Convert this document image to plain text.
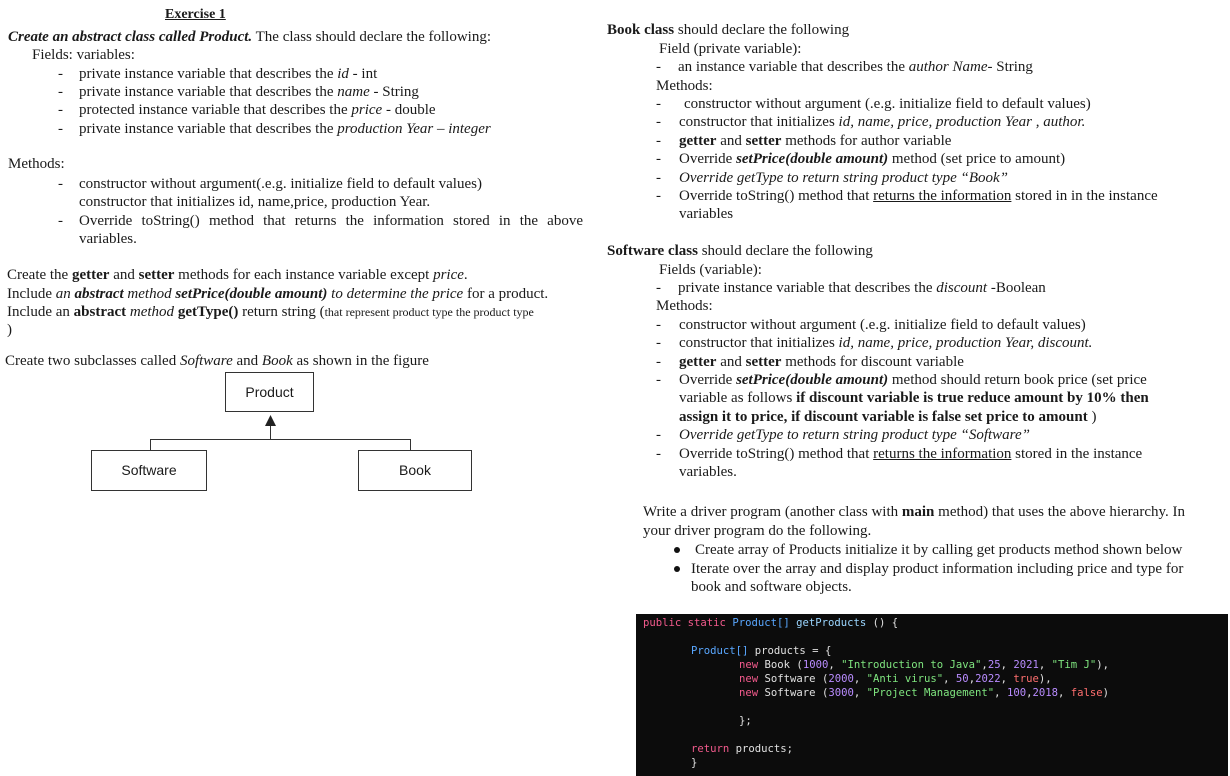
Exercise 1
Create an abstract class called Product. The class should declare the following:
Fields: variables:
- private instance variable that describes the id - int
- private instance variable that describes the name - String
- protected instance variable that describes the price - double
- private instance variable that describes the production Year – integer
Methods:
- constructor without argument(.e.g. initialize field to default values)
constructor that initializes id, name,price, production Year.
- Override toString() method that returns the information stored in the above
variables.
Create the getter and setter methods for each instance variable except price.
Include an abstract method setPrice(double amount) to determine the price for a product.
Include an abstract method getType() return string (that represent product type the product type
)
Create two subclasses called Software and Book as shown in the figure
Product
Software	Book
Book class should declare the following
Field (private variable):
- an instance variable that describes the author Name- String
Methods:
- constructor without argument (.e.g. initialize field to default values)
- constructor that initializes id, name, price, production Year , author.
- getter and setter methods for author variable
- Override setPrice(double amount) method (set price to amount)
- Override getType to return string product type “Book”
- Override toString() method that returns the information stored in in the instance
variables
Software class should declare the following
Fields (variable):
- private instance variable that describes the discount -Boolean
Methods:
- constructor without argument (.e.g. initialize field to default values)
- constructor that initializes id, name, price, production Year, discount.
- getter and setter methods for discount variable
- Override setPrice(double amount) method should return book price (set price
variable as follows if discount variable is true reduce amount by 10% then
assign it to price, if discount variable is false set price to amount )
- Override getType to return string product type “Software”
- Override toString() method that returns the information stored in the instance
variables.
Write a driver program (another class with main method) that uses the above hierarchy. In
your driver program do the following.
Create array of Products initialize it by calling get products method shown below
Iterate over the array and display product information including price and type for
book and software objects.
public static Product[] getProducts () {
Product[] products = {
new Book (1000, "Introduction to Java",25, 2021, "Tim J"),
new Software (2000, "Anti virus", 50,2022, true),
new Software (3000, "Project Management", 100,2018, false)
};
return products;
}
